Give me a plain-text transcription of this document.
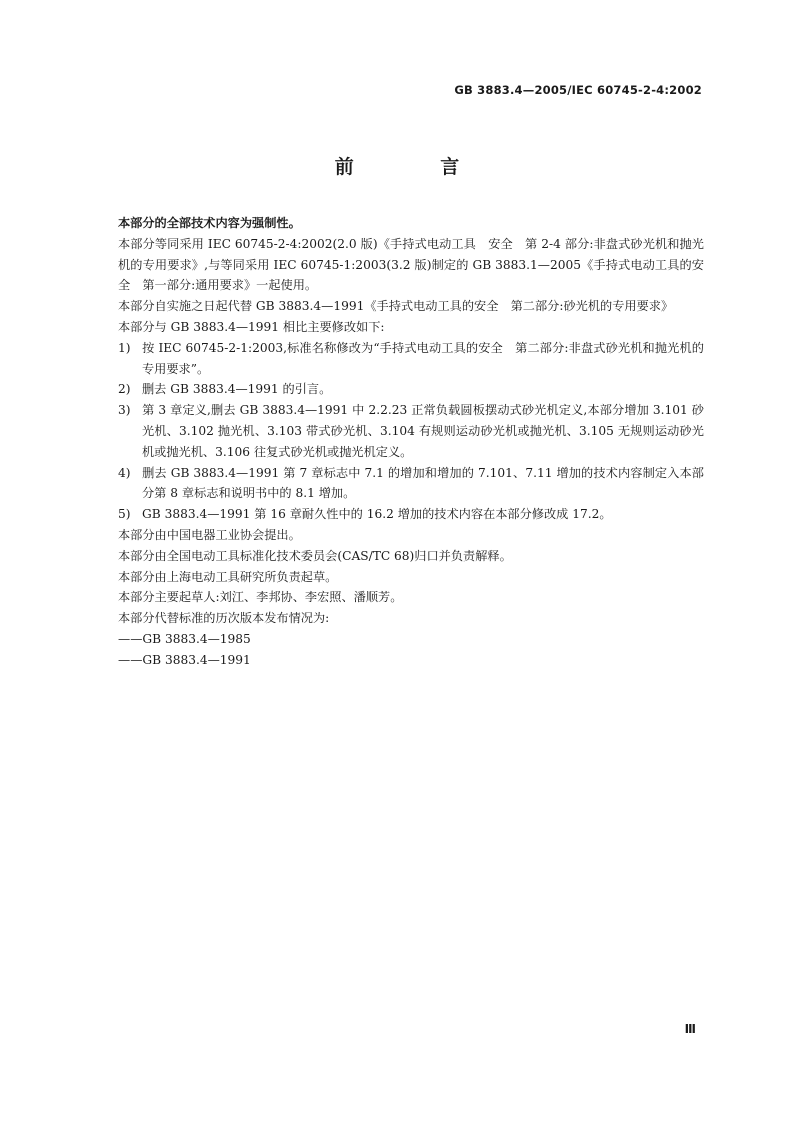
GB 3883.4—2005/IEC 60745-2-4:2002
前 言

本部分的全部技术内容为强制性。

本部分等同采用 IEC 60745-2-4:2002(2.0 版)《手持式电动工具　安全　第 2-4 部分:非盘式砂光机和抛光机的专用要求》,与等同采用 IEC 60745-1:2003(3.2 版)制定的 GB 3883.1—2005《手持式电动工具的安全　第一部分:通用要求》一起使用。

本部分自实施之日起代替 GB 3883.4—1991《手持式电动工具的安全　第二部分:砂光机的专用要求》

本部分与 GB 3883.4—1991 相比主要修改如下:

1) 按 IEC 60745-2-1:2003,标准名称修改为“手持式电动工具的安全　第二部分:非盘式砂光机和抛光机的专用要求”。

2) 删去 GB 3883.4—1991 的引言。

3) 第 3 章定义,删去 GB 3883.4—1991 中 2.2.23 正常负载圆板摆动式砂光机定义,本部分增加 3.101 砂光机、3.102 抛光机、3.103 带式砂光机、3.104 有规则运动砂光机或抛光机、3.105 无规则运动砂光机或抛光机、3.106 往复式砂光机或抛光机定义。

4) 删去 GB 3883.4—1991 第 7 章标志中 7.1 的增加和增加的 7.101、7.11 增加的技术内容制定入本部分第 8 章标志和说明书中的 8.1 增加。

5) GB 3883.4—1991 第 16 章耐久性中的 16.2 增加的技术内容在本部分修改成 17.2。

本部分由中国电器工业协会提出。

本部分由全国电动工具标准化技术委员会(CAS/TC 68)归口并负责解释。

本部分由上海电动工具研究所负责起草。

本部分主要起草人:刘江、李邦协、李宏照、潘顺芳。

本部分代替标准的历次版本发布情况为:

——GB 3883.4—1985

——GB 3883.4—1991

Ⅲ
